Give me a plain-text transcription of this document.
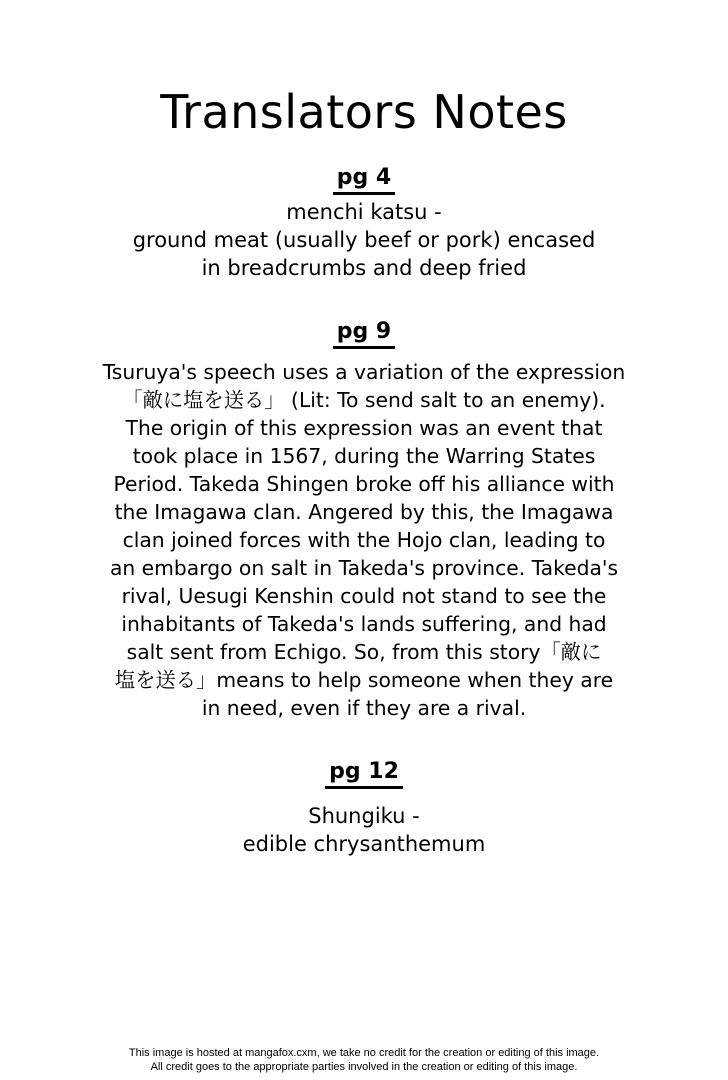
Translators Notes
pg 4
menchi katsu -
ground meat (usually beef or pork) encased
in breadcrumbs and deep fried
pg 9
Tsuruya's speech uses a variation of the expression
「敵に塩を送る」 (Lit: To send salt to an enemy).
The origin of this expression was an event that
took place in 1567, during the Warring States
Period. Takeda Shingen broke off his alliance with
the Imagawa clan. Angered by this, the Imagawa
clan joined forces with the Hojo clan, leading to
an embargo on salt in Takeda's province. Takeda's
rival, Uesugi Kenshin could not stand to see the
inhabitants of Takeda's lands suffering, and had
salt sent from Echigo. So, from this story「敵に
塩を送る」means to help someone when they are
in need, even if they are a rival.
pg 12
Shungiku -
edible chrysanthemum
This image is hosted at mangafox.cxm, we take no credit for the creation or editing of this image.
All credit goes to the appropriate parties involved in the creation or editing of this image.
